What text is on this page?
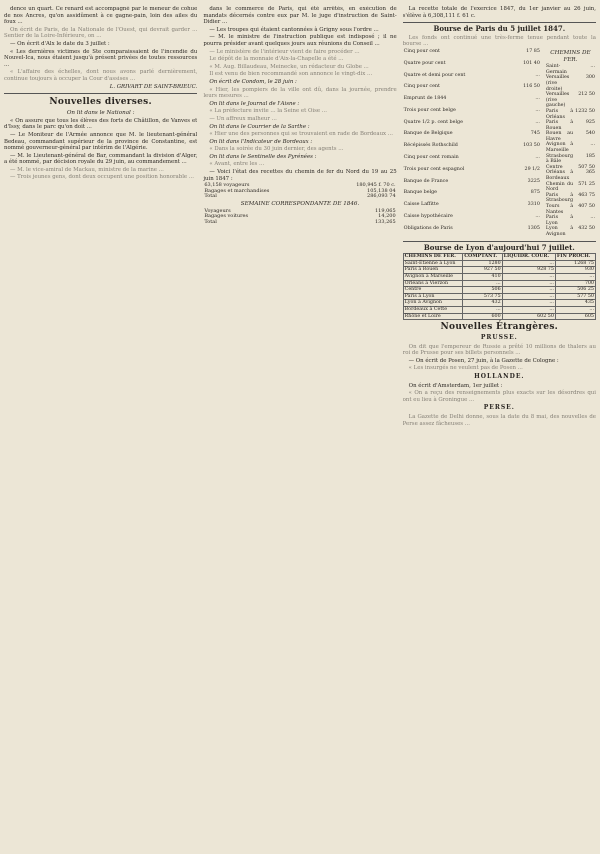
dence un quart. Ce renard est accompagné par le meneur de cohue de nos Ancres, qu'on assidûment à ce gagne-pain, loin des ailes du foux ...

On écrit de Paris, de la Nationale de l'Ouest, qui devrait garder ... Sentier de la Loire-Inférieure, on ...

— On écrit d'Alx le date du 3 juillet :

« Les dernières victimes de Ste comparaissaient de l'incendie du Nouvel-Ica, nous étaient jusqu'à présent privées de toutes ressources ...

« L'affaire des échelles, dont nous avons parlé dernièrement, continue toujours à occuper la Cour d'assises ...

L. GRIVART DE SAINT-BRIEUC.
Nouvelles diverses.
On lit dans le National :

« On assure que tous les élèves des forts de Châtillon, de Vanves et d'Issy, dans le parc qu'on doit ...

— Le Moniteur de l'Armée annonce que M. le lieutenant-général Bedeau, commandant supérieur de la province de Constantine, est nommé gouverneur-général par intérim de l'Algérie.

— M. le Lieutenant-général de Bar, commandant la division d'Alger, a été nommé, par décision royale du 29 juin, au commandement ...

— M. le vice-amiral de Mackau, ministre de la marine ...

— Trois jeunes gens, dont deux occupent une position honorable ...

dans le commerce de Paris, qui été arrêtés, en exécution de mandats décernés contre eux par M. le juge d'instruction de Saint-Didier ...

— Les troupes qui étaient cantonnées à Grigny sous l'ordre ...

— M. le ministre de l'instruction publique est indisposé ; il ne pourra présider avant quelques jours aux réunions du Conseil ...

— Le ministère de l'intérieur vient de faire procéder ...

Le dépôt de la monnaie d'Aix-la-Chapelle a été ...

« M. Aug. Billaudeau, Meinecke, un rédacteur du Globe ...

Il est venu de bien recommandé son annonce le vingt-dix ...

On écrit de Condom, le 28 juin :

« Hier, les pompiers de la ville ont dû, dans la journée, prendre leurs mesures ...

On lit dans le Journal de l'Aisne :

« La préfecture invite ... la Seine et Oise ...

— Un affreux malheur ...

On lit dans le Courrier de la Sarthe :

« Hier une des personnes qui se trouvaient en rade de Bordeaux ...

On lit dans l'Indicateur de Bordeaux :

« Dans la soirée du 30 juin dernier, des agents ...

On lit dans le Sentinelle des Pyrénées :

« Avant, entre les ...

— Voici l'état des recettes du chemin de fer du Nord du 19 au 25 juin 1847 :

63,158 voyageurs	180,945 f. 70 c.
Bagages et marchandises	105,138 04
Total	286,093 74
SEMAINE CORRESPONDANTE DE 1846.
Voyageurs	119,065
Bagages voitures	14,200
Total	133,265

La recette totale de l'exercice 1847, du 1er janvier au 26 juin, s'élève à 6,308,111 f. 61 c.

Bourse de Paris du 5 juillet 1847.

Les fonds ont continué une très-ferme tenue pendant toute la bourse ...

Cinq pour cent	17 85
Quatre pour cent	101 40
Quatre et demi pour cent	...
Cinq pour cent	116 50
Emprunt de 1844	...
Trois pour cent belge	...
Quatre 1/2 p. cent belge	...
Banque de Belgique	745
Récépissés Rothschild	103 50
Cinq pour cent romain	...
Trois pour cent espagnol	29 1/2
Banque de France	3225
Banque belge	875
Caisse Laffitte	3310
Caisse hypothécaire	...
Obligations de Paris	1305
CHEMINS DE FER.
Saint-Germain	...
Versailles (rive droite)	300
Versailles (rive gauche)	212 50
Paris à Orléans	1232 50
Paris à Rouen	925
Rouen au Havre	540
Avignon à Marseille	...
Strasbourg à Bâle	185
Centre	507 50
Orléans à Bordeaux	365
Chemin du Nord	571 25
Paris à Strasbourg	463 75
Tours à Nantes	407 50
Paris à Lyon	...
Lyon à Avignon	432 50
Bourse de Lyon d'aujourd'hui 7 juillet.
CHEMINS DE FER.	COMPTANT.	LIQUIDR. COUR.	FIN PROCH.
Saint-Étienne à Lyon	1280	...	1268 75
Paris à Rouen	927 50	928 75	930
Avignon à Marseille	410	...	...
Orléans à Vierzon	...	...	700
Centre	506	...	506 25
Paris à Lyon	573 75	...	577 50
Lyon à Avignon	432	...	435
Bordeaux à Cette	...	...	...
Rhône et Loire	600	602 50	605
Nouvelles Étrangères.
PRUSSE.

On dit que l'empereur de Russie a prêté 10 millions de thalers au roi de Prusse pour ses billets personnels ...

— On écrit de Posen, 27 juin, à la Gazette de Cologne :

« Les insurgés ne veulent pas de Posen ...

HOLLANDE.

On écrit d'Amsterdam, 1er juillet :

« On a reçu des renseignements plus exacts sur les désordres qui ont eu lieu à Groningue ...

PERSE.

La Gazette de Delhi donne, sous la date du 8 mai, des nouvelles de Perse assez fâcheuses ...
